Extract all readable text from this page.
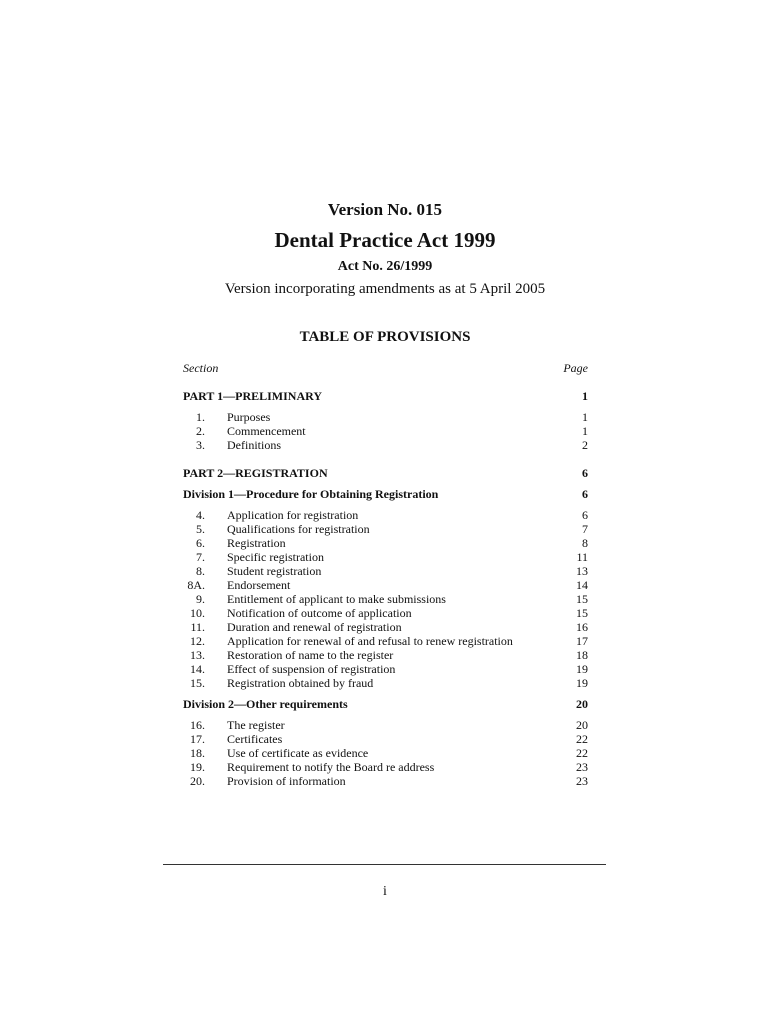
Version No. 015
Dental Practice Act 1999
Act No. 26/1999
Version incorporating amendments as at 5 April 2005
TABLE OF PROVISIONS
Section	Page
PART 1—PRELIMINARY	1
1. Purposes	1
2. Commencement	1
3. Definitions	2
PART 2—REGISTRATION	6
Division 1—Procedure for Obtaining Registration	6
4. Application for registration	6
5. Qualifications for registration	7
6. Registration	8
7. Specific registration	11
8. Student registration	13
8A. Endorsement	14
9. Entitlement of applicant to make submissions	15
10. Notification of outcome of application	15
11. Duration and renewal of registration	16
12. Application for renewal of and refusal to renew registration	17
13. Restoration of name to the register	18
14. Effect of suspension of registration	19
15. Registration obtained by fraud	19
Division 2—Other requirements	20
16. The register	20
17. Certificates	22
18. Use of certificate as evidence	22
19. Requirement to notify the Board re address	23
20. Provision of information	23
i
